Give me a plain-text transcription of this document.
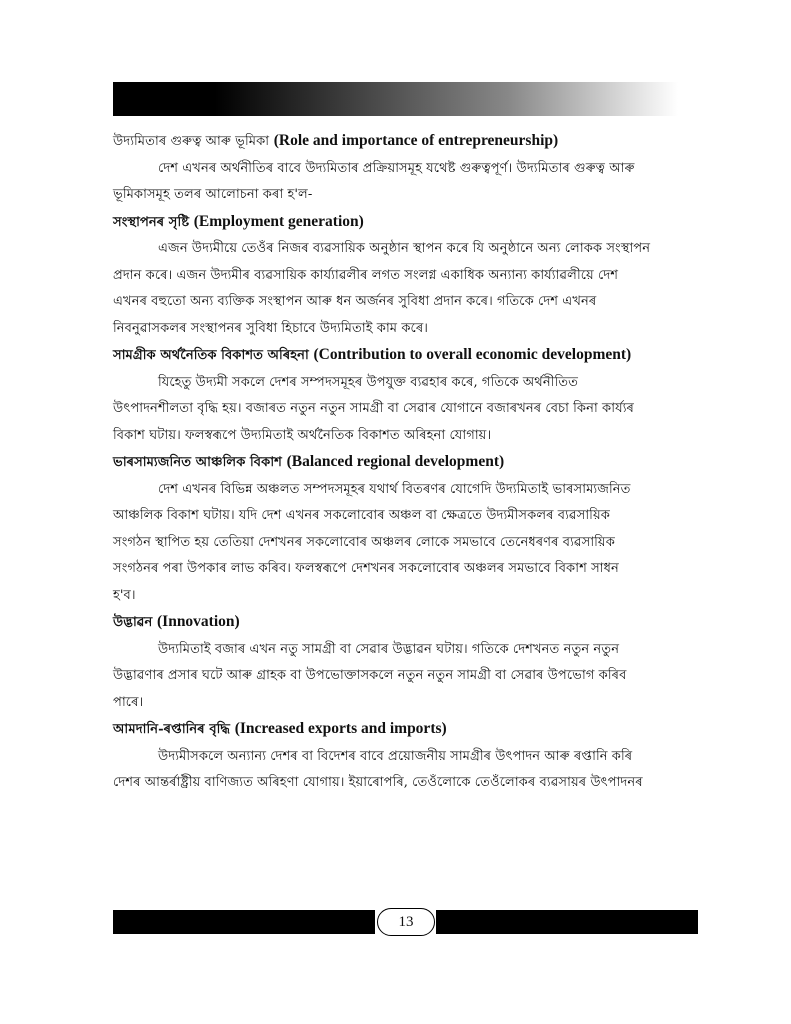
উদ্যমিতাৰ গুৰুত্ব আৰু ভূমিকা (Role and importance of entrepreneurship)

দেশ এখনৰ অৰ্থনীতিৰ বাবে উদ্যমিতাৰ প্ৰক্ৰিয়াসমূহ যথেষ্ট গুৰুত্বপূৰ্ণ। উদ্যমিতাৰ গুৰুত্ব আৰু
ভূমিকাসমূহ তলৰ আলোচনা কৰা হ'ল-

সংস্থাপনৰ সৃষ্টি (Employment generation)

এজন উদ্যমীয়ে তেওঁৰ নিজৰ ব্যৱসায়িক অনুষ্ঠান স্থাপন কৰে যি অনুষ্ঠানে অন্য লোকক সংস্থাপন
প্ৰদান কৰে। এজন উদ্যমীৰ ব্যৱসায়িক কাৰ্য্যাৱলীৰ লগত সংলগ্ন একাধিক অন্যান্য কাৰ্য্যাৱলীয়ে দেশ
এখনৰ বহুতো অন্য ব্যক্তিক সংস্থাপন আৰু ধন অৰ্জনৰ সুবিধা প্ৰদান কৰে। গতিকে দেশ এখনৰ
নিবনুৱাসকলৰ সংস্থাপনৰ সুবিধা হিচাবে উদ্যমিতাই কাম কৰে।

সামগ্ৰীক অৰ্থনৈতিক বিকাশত অৰিহনা (Contribution to overall economic development)

যিহেতু উদ্যমী সকলে দেশৰ সম্পদসমূহৰ উপযুক্ত ব্যৱহাৰ কৰে, গতিকে অৰ্থনীতিত
উৎপাদনশীলতা বৃদ্ধি হয়। বজাৰত নতুন নতুন সামগ্ৰী বা সেৱাৰ যোগানে বজাৰখনৰ বেচা কিনা কাৰ্য্যৰ
বিকাশ ঘটায়। ফলস্বৰূপে উদ্যমিতাই অৰ্থনৈতিক বিকাশত অৰিহনা যোগায়।

ভাৰসাম্যজনিত আঞ্চলিক বিকাশ (Balanced regional development)

দেশ এখনৰ বিভিন্ন অঞ্চলত সম্পদসমূহৰ যথাৰ্থ বিতৰণৰ যোগেদি উদ্যমিতাই ভাৰসাম্যজনিত
আঞ্চলিক বিকাশ ঘটায়। যদি দেশ এখনৰ সকলোবোৰ অঞ্চল বা ক্ষেত্ৰতে উদ্যমীসকলৰ ব্যৱসায়িক
সংগঠন স্থাপিত হয় তেতিয়া দেশখনৰ সকলোবোৰ অঞ্চলৰ লোকে সমভাবে তেনেধৰণৰ ব্যৱসায়িক
সংগঠনৰ পৰা উপকাৰ লাভ কৰিব। ফলস্বৰূপে দেশখনৰ সকলোবোৰ অঞ্চলৰ সমভাবে বিকাশ সাধন
হ'ব।

উদ্ভাৱন (Innovation)

উদ্যমিতাই বজাৰ এখন নতু সামগ্ৰী বা সেৱাৰ উদ্ভাৱন ঘটায়। গতিকে দেশখনত নতুন নতুন
উদ্ভাৱণাৰ প্ৰসাৰ ঘটে আৰু গ্ৰাহক বা উপভোক্তাসকলে নতুন নতুন সামগ্ৰী বা সেৱাৰ উপভোগ কৰিব
পাৰে।

আমদানি-ৰপ্তানিৰ বৃদ্ধি (Increased exports and imports)

উদ্যমীসকলে অন্যান্য দেশৰ বা বিদেশৰ বাবে প্ৰয়োজনীয় সামগ্ৰীৰ উৎপাদন আৰু ৰপ্তানি কৰি
দেশৰ আন্তৰ্ৰাষ্ট্ৰীয় বাণিজ্যত অৰিহণা যোগায়। ইয়াৰোপৰি, তেওঁলোকে তেওঁলোকৰ ব্যৱসায়ৰ উৎপাদনৰ

13
